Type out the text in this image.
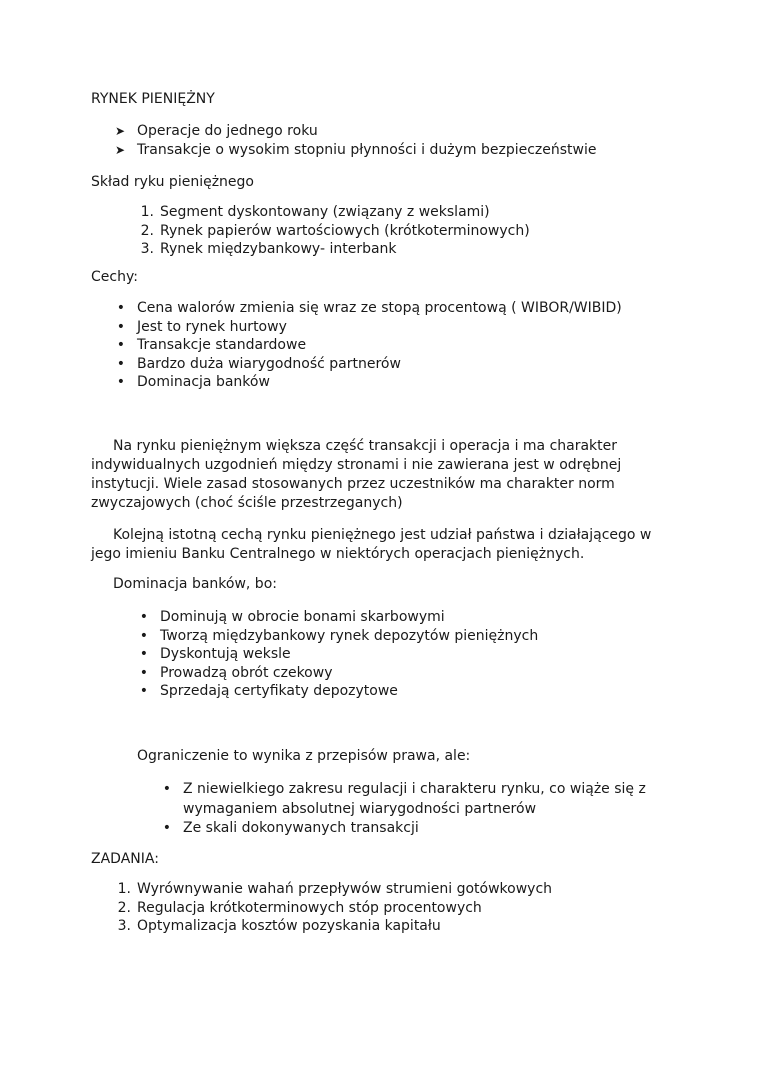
RYNEK PIENIĘŻNY
➤ Operacje do jednego roku
➤ Transakcje o wysokim stopniu płynności i dużym bezpieczeństwie
Skład ryku pieniężnego
1. Segment dyskontowany (związany z wekslami)
2. Rynek papierów wartościowych (krótkoterminowych)
3. Rynek międzybankowy- interbank
Cechy:
• Cena walorów zmienia się wraz ze stopą procentową ( WIBOR/WIBID)
• Jest to rynek hurtowy
• Transakcje standardowe
• Bardzo duża wiarygodność partnerów
• Dominacja banków

Na rynku pieniężnym większa część transakcji i operacja i ma charakter indywidualnych uzgodnień między stronami i nie zawierana jest w odrębnej instytucji. Wiele zasad stosowanych przez uczestników ma charakter norm zwyczajowych (choć ściśle przestrzeganych)

Kolejną istotną cechą rynku pieniężnego jest udział państwa i działającego w jego imieniu Banku Centralnego w niektórych operacjach pieniężnych.

Dominacja banków, bo:
• Dominują w obrocie bonami skarbowymi
• Tworzą międzybankowy rynek depozytów pieniężnych
• Dyskontują weksle
• Prowadzą obrót czekowy
• Sprzedają certyfikaty depozytowe
Ograniczenie to wynika z przepisów prawa, ale:
• Z niewielkiego zakresu regulacji i charakteru rynku, co wiąże się z wymaganiem absolutnej wiarygodności partnerów
• Ze skali dokonywanych transakcji
ZADANIA:
1. Wyrównywanie wahań przepływów strumieni gotówkowych
2. Regulacja krótkoterminowych stóp procentowych
3. Optymalizacja kosztów pozyskania kapitału
